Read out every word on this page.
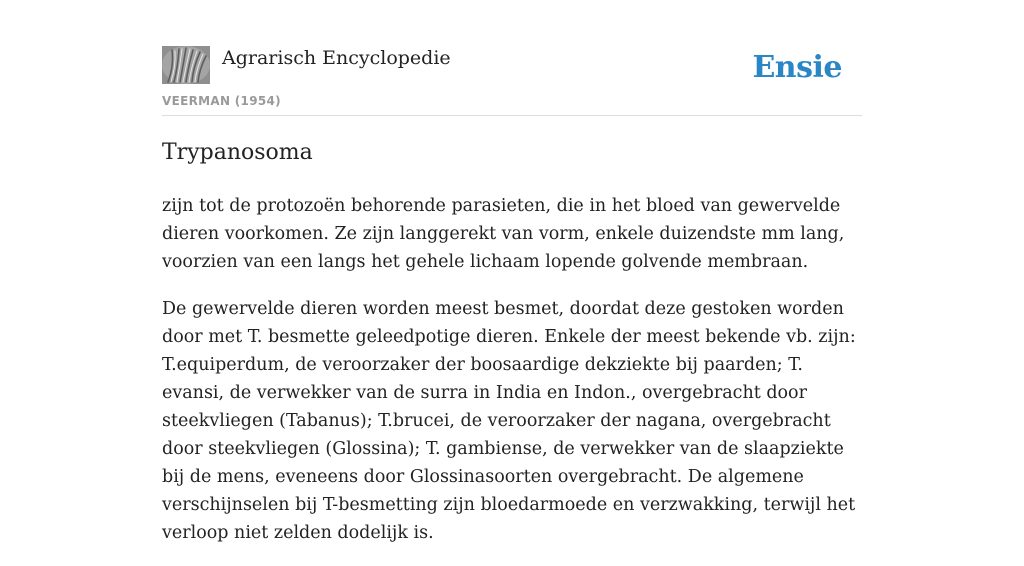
Agrarisch Encyclopedie
VEERMAN (1954)
Ensie
Trypanosoma

zijn tot de protozoën behorende parasieten, die in het bloed van gewervelde dieren voorkomen. Ze zijn langgerekt van vorm, enkele duizendste mm lang, voorzien van een langs het gehele lichaam lopende golvende membraan.

De gewervelde dieren worden meest besmet, doordat deze gestoken worden door met T. besmette geleedpotige dieren. Enkele der meest bekende vb. zijn: T.equiperdum, de veroorzaker der boosaardige dekziekte bij paarden; T. evansi, de verwekker van de surra in India en Indon., overgebracht door steekvliegen (Tabanus); T.brucei, de veroorzaker der nagana, overgebracht door steekvliegen (Glossina); T. gambiense, de verwekker van de slaapziekte bij de mens, eveneens door Glossinasoorten overgebracht. De algemene verschijnselen bij T-besmetting zijn bloedarmoede en verzwakking, terwijl het verloop niet zelden dodelijk is.
